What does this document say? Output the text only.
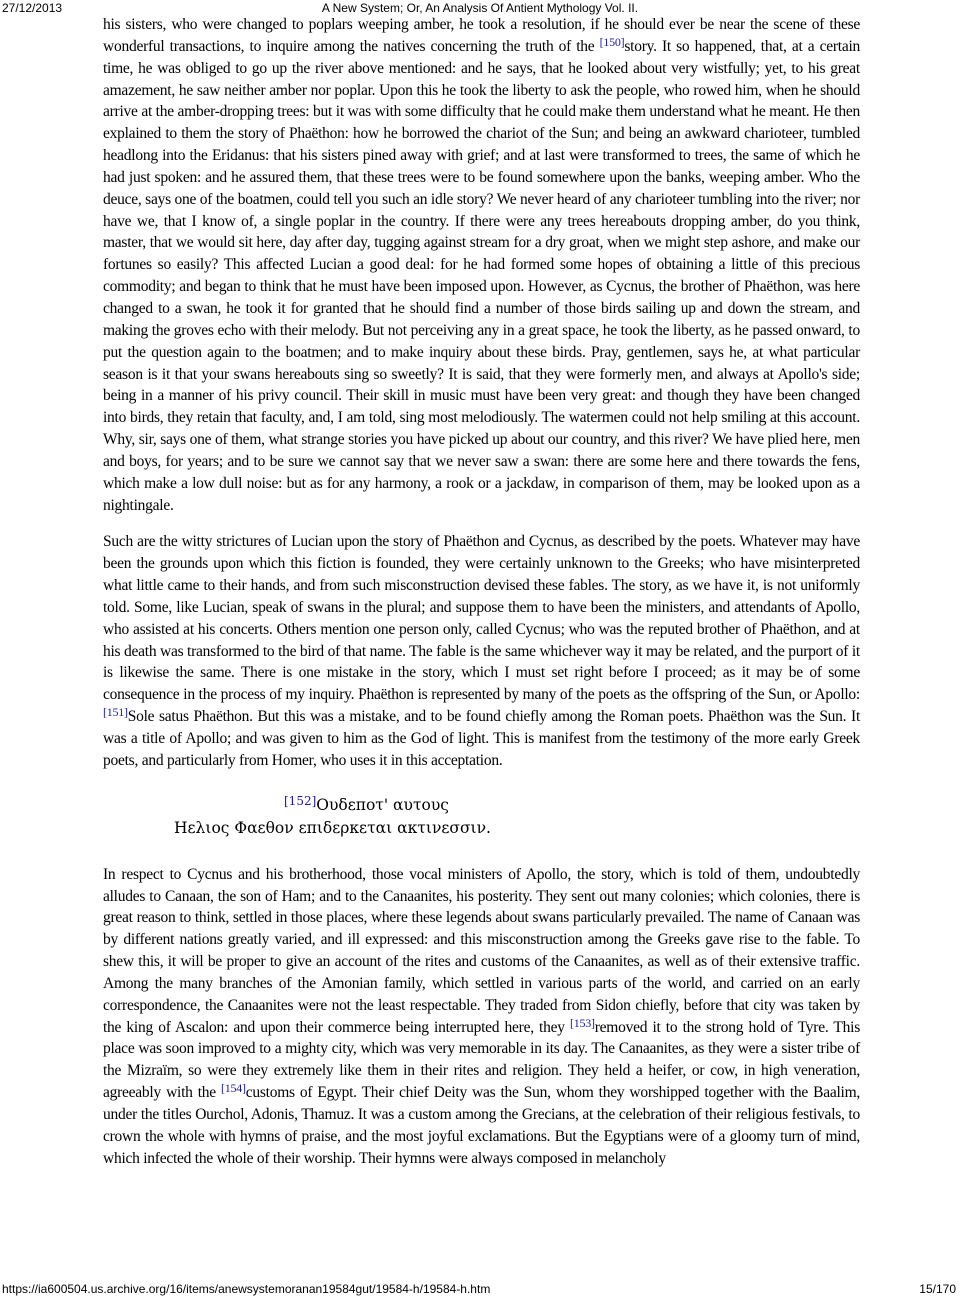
27/12/2013	A New System; Or, An Analysis Of Antient Mythology Vol. II.

his sisters, who were changed to poplars weeping amber, he took a resolution, if he should ever be near the scene of these wonderful transactions, to inquire among the natives concerning the truth of the [150]story. It so happened, that, at a certain time, he was obliged to go up the river above mentioned: and he says, that he looked about very wistfully; yet, to his great amazement, he saw neither amber nor poplar. Upon this he took the liberty to ask the people, who rowed him, when he should arrive at the amber-dropping trees: but it was with some difficulty that he could make them understand what he meant. He then explained to them the story of Phaëthon: how he borrowed the chariot of the Sun; and being an awkward charioteer, tumbled headlong into the Eridanus: that his sisters pined away with grief; and at last were transformed to trees, the same of which he had just spoken: and he assured them, that these trees were to be found somewhere upon the banks, weeping amber. Who the deuce, says one of the boatmen, could tell you such an idle story? We never heard of any charioteer tumbling into the river; nor have we, that I know of, a single poplar in the country. If there were any trees hereabouts dropping amber, do you think, master, that we would sit here, day after day, tugging against stream for a dry groat, when we might step ashore, and make our fortunes so easily? This affected Lucian a good deal: for he had formed some hopes of obtaining a little of this precious commodity; and began to think that he must have been imposed upon. However, as Cycnus, the brother of Phaëthon, was here changed to a swan, he took it for granted that he should find a number of those birds sailing up and down the stream, and making the groves echo with their melody. But not perceiving any in a great space, he took the liberty, as he passed onward, to put the question again to the boatmen; and to make inquiry about these birds. Pray, gentlemen, says he, at what particular season is it that your swans hereabouts sing so sweetly? It is said, that they were formerly men, and always at Apollo's side; being in a manner of his privy council. Their skill in music must have been very great: and though they have been changed into birds, they retain that faculty, and, I am told, sing most melodiously. The watermen could not help smiling at this account. Why, sir, says one of them, what strange stories you have picked up about our country, and this river? We have plied here, men and boys, for years; and to be sure we cannot say that we never saw a swan: there are some here and there towards the fens, which make a low dull noise: but as for any harmony, a rook or a jackdaw, in comparison of them, may be looked upon as a nightingale.

Such are the witty strictures of Lucian upon the story of Phaëthon and Cycnus, as described by the poets. Whatever may have been the grounds upon which this fiction is founded, they were certainly unknown to the Greeks; who have misinterpreted what little came to their hands, and from such misconstruction devised these fables. The story, as we have it, is not uniformly told. Some, like Lucian, speak of swans in the plural; and suppose them to have been the ministers, and attendants of Apollo, who assisted at his concerts. Others mention one person only, called Cycnus; who was the reputed brother of Phaëthon, and at his death was transformed to the bird of that name. The fable is the same whichever way it may be related, and the purport of it is likewise the same. There is one mistake in the story, which I must set right before I proceed; as it may be of some consequence in the process of my inquiry. Phaëthon is represented by many of the poets as the offspring of the Sun, or Apollo: [151]Sole satus Phaëthon. But this was a mistake, and to be found chiefly among the Roman poets. Phaëthon was the Sun. It was a title of Apollo; and was given to him as the God of light. This is manifest from the testimony of the more early Greek poets, and particularly from Homer, who uses it in this acceptation.

[152]Ουδεποτ' αυτους
Ηελιος Φαεθον επιδερκεται ακτινεσσιν.

In respect to Cycnus and his brotherhood, those vocal ministers of Apollo, the story, which is told of them, undoubtedly alludes to Canaan, the son of Ham; and to the Canaanites, his posterity. They sent out many colonies; which colonies, there is great reason to think, settled in those places, where these legends about swans particularly prevailed. The name of Canaan was by different nations greatly varied, and ill expressed: and this misconstruction among the Greeks gave rise to the fable. To shew this, it will be proper to give an account of the rites and customs of the Canaanites, as well as of their extensive traffic. Among the many branches of the Amonian family, which settled in various parts of the world, and carried on an early correspondence, the Canaanites were not the least respectable. They traded from Sidon chiefly, before that city was taken by the king of Ascalon: and upon their commerce being interrupted here, they [153]removed it to the strong hold of Tyre. This place was soon improved to a mighty city, which was very memorable in its day. The Canaanites, as they were a sister tribe of the Mizraïm, so were they extremely like them in their rites and religion. They held a heifer, or cow, in high veneration, agreeably with the [154]customs of Egypt. Their chief Deity was the Sun, whom they worshipped together with the Baalim, under the titles Ourchol, Adonis, Thamuz. It was a custom among the Grecians, at the celebration of their religious festivals, to crown the whole with hymns of praise, and the most joyful exclamations. But the Egyptians were of a gloomy turn of mind, which infected the whole of their worship. Their hymns were always composed in melancholy

https://ia600504.us.archive.org/16/items/anewsystemoranan19584gut/19584-h/19584-h.htm	15/170
